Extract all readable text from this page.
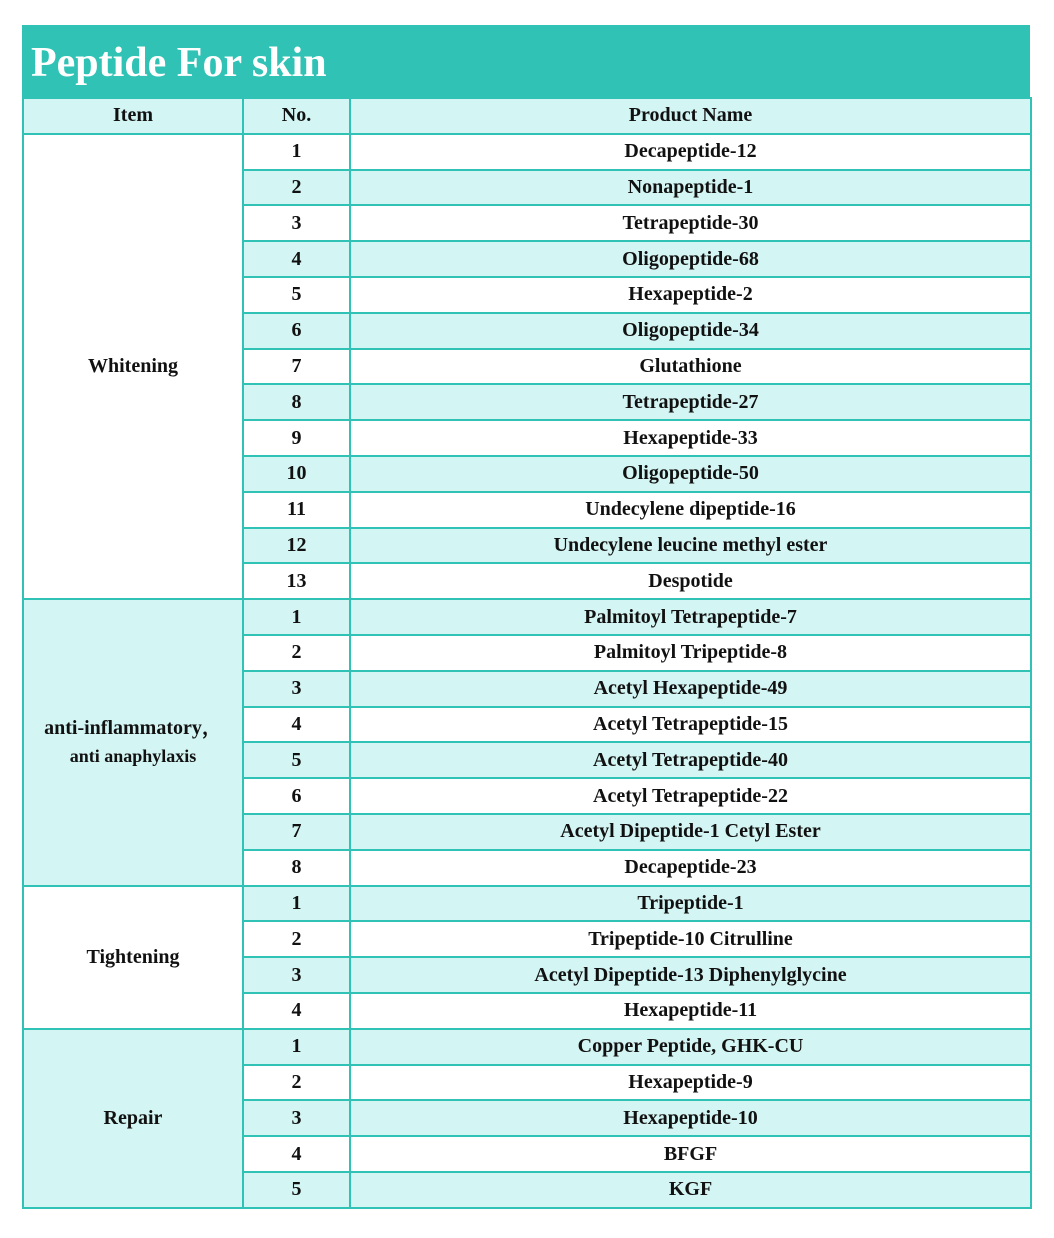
Peptide For skin
Item	No.	Product Name

Whitening	1	Decapeptide-12
	2	Nonapeptide-1
	3	Tetrapeptide-30
	4	Oligopeptide-68
	5	Hexapeptide-2
	6	Oligopeptide-34
	7	Glutathione
	8	Tetrapeptide-27
	9	Hexapeptide-33
	10	Oligopeptide-50
	11	Undecylene dipeptide-16
	12	Undecylene leucine methyl ester
	13	Despotide

anti-inflammatory，
anti anaphylaxis	1	Palmitoyl Tetrapeptide-7
	2	Palmitoyl Tripeptide-8
	3	Acetyl Hexapeptide-49
	4	Acetyl Tetrapeptide-15
	5	Acetyl Tetrapeptide-40
	6	Acetyl Tetrapeptide-22
	7	Acetyl Dipeptide-1 Cetyl Ester
	8	Decapeptide-23

Tightening	1	Tripeptide-1
	2	Tripeptide-10 Citrulline
	3	Acetyl Dipeptide-13 Diphenylglycine
	4	Hexapeptide-11

Repair	1	Copper Peptide, GHK-CU
	2	Hexapeptide-9
	3	Hexapeptide-10
	4	BFGF
	5	KGF
